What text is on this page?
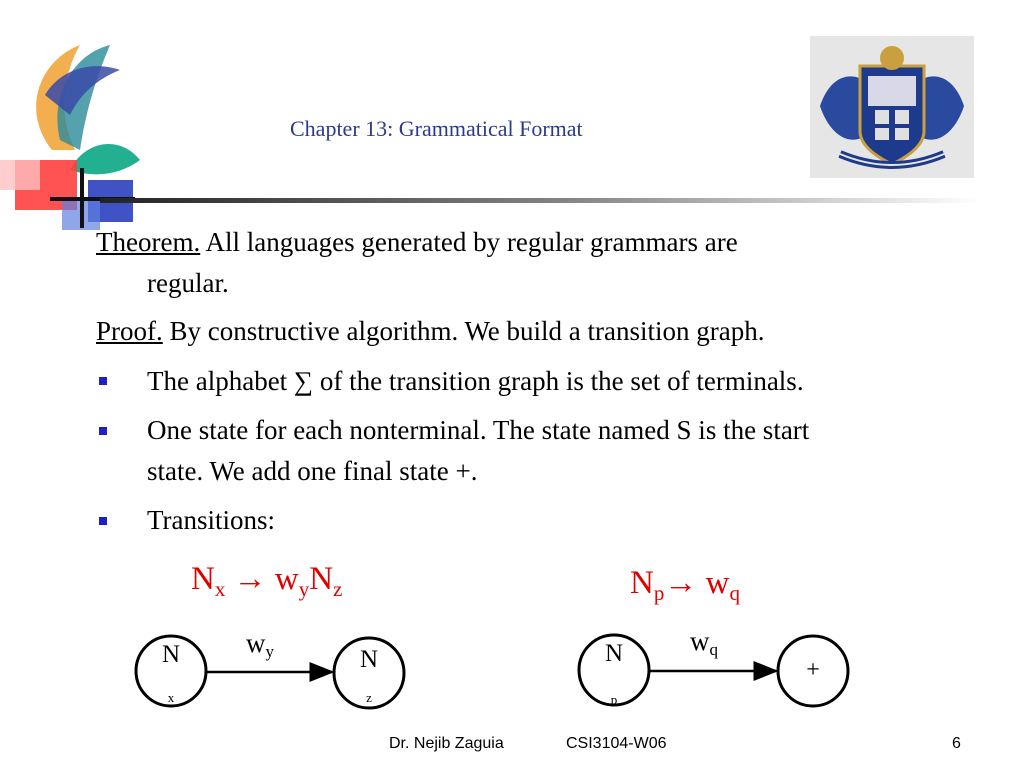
Chapter 13: Grammatical Format
Theorem. All languages generated by regular grammars are
regular.
Proof. By constructive algorithm. We build a transition graph.
The alphabet ∑ of the transition graph is the set of terminals.
One state for each nonterminal. The state named S is the start
state. We add one final state +.
Transitions:
$N_x \to w_yN_z$	$N_p\to w_q$
N
x
$w_y$	N
z
N
p
$w_q$
+
Dr. Nejib Zaguia	CSI3104-W06	6
